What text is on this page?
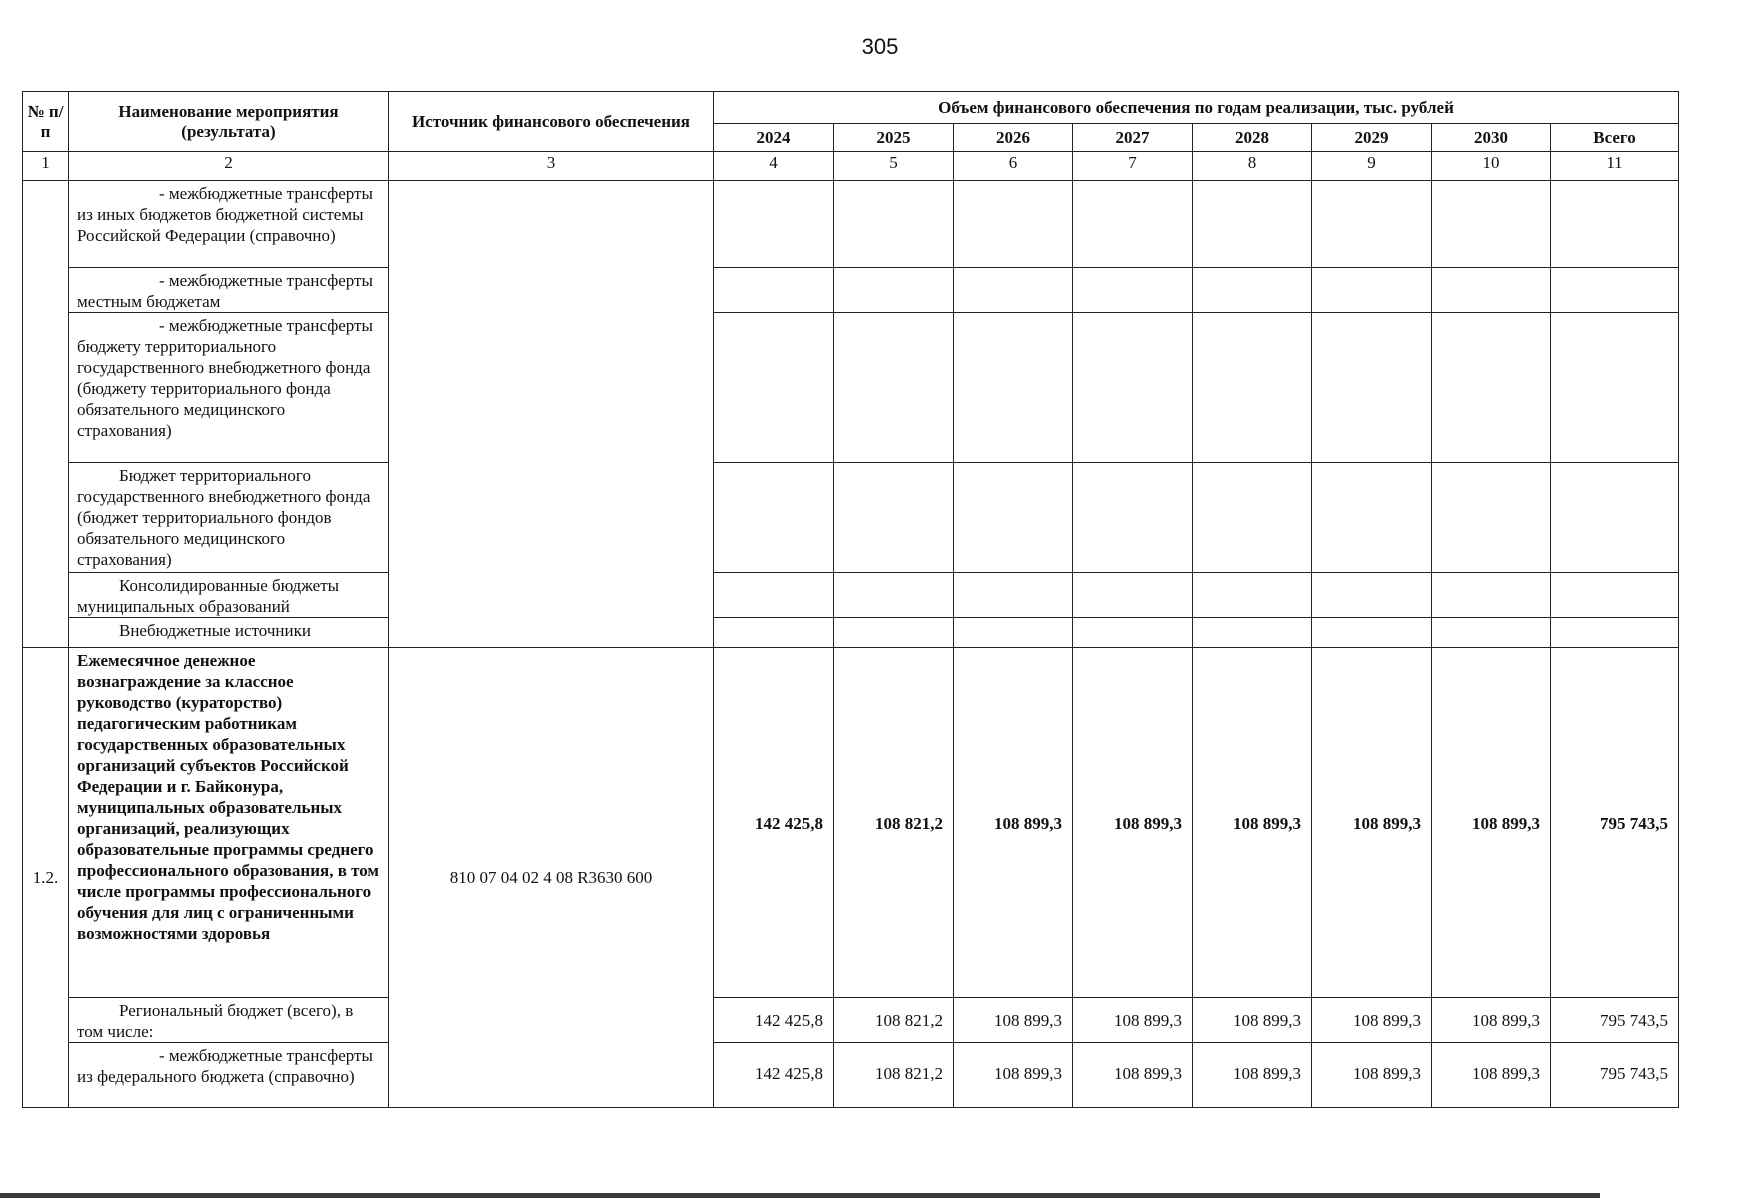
305
№ п/п	Наименование мероприятия (результата)	Источник финансового обеспечения	Объем финансового обеспечения по годам реализации, тыс. рублей							
			2024	2025	2026	2027	2028	2029	2030	Всего
1	2	3	4	5	6	7	8	9	10	11

	- межбюджетные трансферты из иных бюджетов бюджетной системы Российской Федерации (справочно)									

	- межбюджетные трансферты местным бюджетам									

	- межбюджетные трансферты бюджету территориального государственного внебюджетного фонда (бюджету территориального фонда обязательного медицинского страхования)									

	Бюджет территориального государственного внебюджетного фонда (бюджет территориального фондов обязательного медицинского страхования)									

	Консолидированные бюджеты муниципальных образований									

	Внебюджетные источники									

1.2.	Ежемесячное денежное вознаграждение за классное руководство (кураторство) педагогическим работникам государственных образовательных организаций субъектов Российской Федерации и г. Байконура, муниципальных образовательных организаций, реализующих образовательные программы среднего профессионального образования, в том числе программы профессионального обучения для лиц с ограниченными возможностями здоровья	810 07 04 02 4 08 R3630 600	142 425,8	108 821,2	108 899,3	108 899,3	108 899,3	108 899,3	108 899,3	795 743,5

	Региональный бюджет (всего), в том числе:		142 425,8	108 821,2	108 899,3	108 899,3	108 899,3	108 899,3	108 899,3	795 743,5

	- межбюджетные трансферты из федерального бюджета (справочно)		142 425,8	108 821,2	108 899,3	108 899,3	108 899,3	108 899,3	108 899,3	795 743,5
